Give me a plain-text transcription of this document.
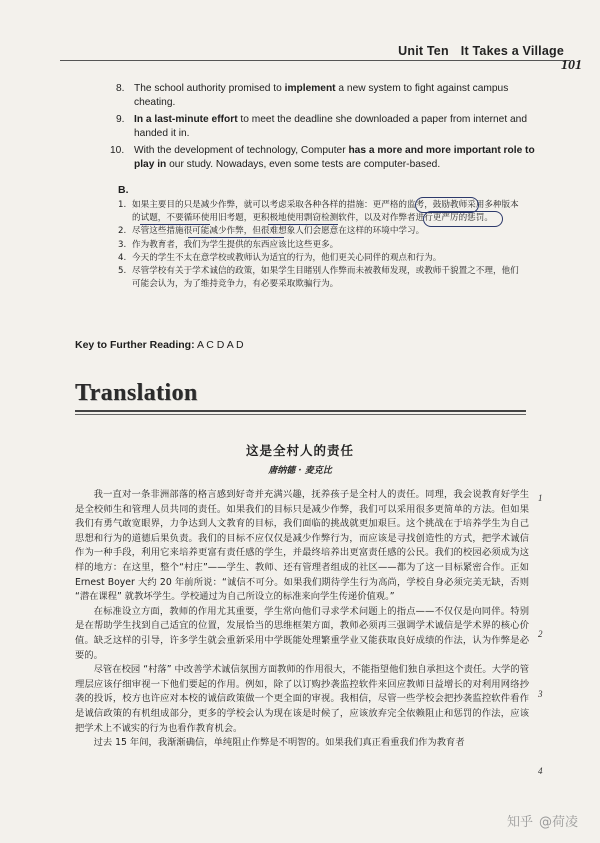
Unit Ten It Takes a Village
101
8. The school authority promised to implement a new system to fight against campus cheating.
9. In a last-minute effort to meet the deadline she downloaded a paper from internet and handed it in.
10. With the development of technology, Computer has a more and more important role to play in our study. Nowadays, even some tests are computer-based.
B.
1. 如果主要目的只是减少作弊，就可以考虑采取各种各样的措施：更严格的监考，鼓励教师采用多种版本的试题，不要循环使用旧考题，更积极地使用剽窃检测软件，以及对作弊者进行更严厉的惩罚。
2. 尽管这些措施很可能减少作弊，但很难想象人们会愿意在这样的环境中学习。
3. 作为教育者，我们为学生提供的东西应该比这些更多。
4. 今天的学生不太在意学校或教师认为适宜的行为，他们更关心同伴的观点和行为。
5. 尽管学校有关于学术诚信的政策，如果学生目睹别人作弊而未被教师发现，或教师千貌置之不理，他们可能会认为，为了维持竞争力，有必要采取欺骗行为。
Key to Further Reading: A C D A D
Translation
这是全村人的责任
唐纳德 · 麦克比

我一直对一条非洲部落的格言感到好奇并充满兴趣，抚养孩子是全村人的责任。同理，我会说教育好学生是全校师生和管理人员共同的责任。如果我们的目标只是减少作弊，我们可以采用很多更简单的方法。但如果我们有勇气敢宽眼界，力争达到人文教育的目标，我们面临的挑战就更加艰巨。这个挑战在于培养学生为自己思想和行为的道德后果负责。我们的目标不应仅仅是减少作弊行为，而应该是寻找创造性的方式，把学术诚信作为一种手段，利用它来培养更富有责任感的学生，并最终培养出更富责任感的公民。我们的校园必须成为这样的地方：在这里，整个“村庄”——学生、教师、还有管理者组成的社区——都为了这一目标紧密合作。正如 Ernest Boyer 大约 20 年前所说：“诚信不可分。如果我们期待学生行为高尚，学校自身必须完美无缺，否则 “潜在课程” 就教坏学生。学校通过为自己所设立的标准来向学生传递价值观。”

在标准设立方面，教师的作用尤其重要，学生常向他们寻求学术问题上的指点——不仅仅是向同伴。特别是在帮助学生找到自己适宜的位置，发展恰当的思维框架方面，教师必须再三强调学术诚信是学术界的核心价值。缺乏这样的引导，许多学生就会重新采用中学既能处理繁重学业又能获取良好成绩的作法，认为作弊是必要的。

尽管在校园 “村落” 中改善学术诚信氛围方面教师的作用很大，不能指望他们独自承担这个责任。大学的管理层应该仔细审视一下他们要起的作用。例如，除了以订购抄袭监控软件来回应教师日益增长的对利用网络抄袭的投诉，校方也许应对本校的诚信政策做一个更全面的审视。我相信，尽管一些学校会把抄袭监控软件看作是诚信政策的有机组成部分，更多的学校会认为现在该是时候了，应该放弃完全依赖阻止和惩罚的作法，应该把学术上不诚实的行为也看作教育机会。

过去 15 年间，我渐渐确信，单纯阻止作弊是不明智的。如果我们真正看重我们作为教育者

1
2
3
4
知乎 @荷凌
